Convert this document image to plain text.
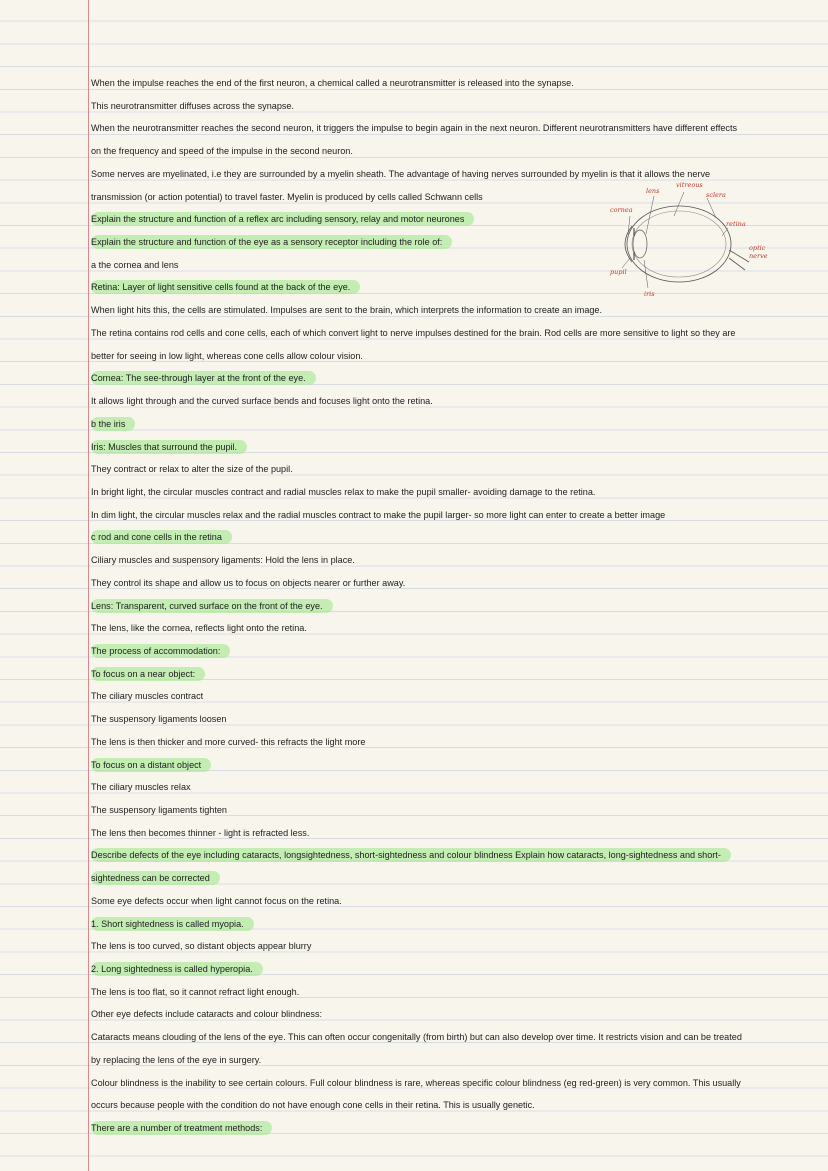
When the impulse reaches the end of the first neuron, a chemical called a neurotransmitter is released into the synapse.
This neurotransmitter diffuses across the synapse.
When the neurotransmitter reaches the second neuron, it triggers the impulse to begin again in the next neuron. Different neurotransmitters have different effects
on the frequency and speed of the impulse in the second neuron.
Some nerves are myelinated, i.e they are surrounded by a myelin sheath. The advantage of having nerves surrounded by myelin is that it allows the nerve
transmission (or action potential) to travel faster. Myelin is produced by cells called Schwann cells
Explain the structure and function of a reflex arc including sensory, relay and motor neurones
Explain the structure and function of the eye as a sensory receptor including the role of:
a the cornea and lens
Retina: Layer of light sensitive cells found at the back of the eye.
When light hits this, the cells are stimulated. Impulses are sent to the brain, which interprets the information to create an image.
The retina contains rod cells and cone cells, each of which convert light to nerve impulses destined for the brain. Rod cells are more sensitive to light so they are
better for seeing in low light, whereas cone cells allow colour vision.
Cornea: The see-through layer at the front of the eye.
It allows light through and the curved surface bends and focuses light onto the retina.
b the iris
Iris: Muscles that surround the pupil.
They contract or relax to alter the size of the pupil.
In bright light, the circular muscles contract and radial muscles relax to make the pupil smaller- avoiding damage to the retina.
In dim light, the circular muscles relax and the radial muscles contract to make the pupil larger- so more light can enter to create a better image
c rod and cone cells in the retina
Ciliary muscles and suspensory ligaments: Hold the lens in place.
They control its shape and allow us to focus on objects nearer or further away.
Lens: Transparent, curved surface on the front of the eye.
The lens, like the cornea, reflects light onto the retina.
The process of accommodation:
To focus on a near object:
The ciliary muscles contract
The suspensory ligaments loosen
The lens is then thicker and more curved- this refracts the light more
To focus on a distant object
The ciliary muscles relax
The suspensory ligaments tighten
The lens then becomes thinner - light is refracted less.
Describe defects of the eye including cataracts, longsightedness, short-sightedness and colour blindness Explain how cataracts, long-sightedness and short-
sightedness can be corrected
Some eye defects occur when light cannot focus on the retina.
1. Short sightedness is called myopia.
The lens is too curved, so distant objects appear blurry
2. Long sightedness is called hyperopia.
The lens is too flat, so it cannot refract light enough.
Other eye defects include cataracts and colour blindness:
Cataracts means clouding of the lens of the eye. This can often occur congenitally (from birth) but can also develop over time. It restricts vision and can be treated
by replacing the lens of the eye in surgery.
Colour blindness is the inability to see certain colours. Full colour blindness is rare, whereas specific colour blindness (eg red-green) is very common. This usually
occurs because people with the condition do not have enough cone cells in their retina. This is usually genetic.
There are a number of treatment methods:
cornea
lens
vitreous
sclera
retina
optic
nerve
pupil
iris
